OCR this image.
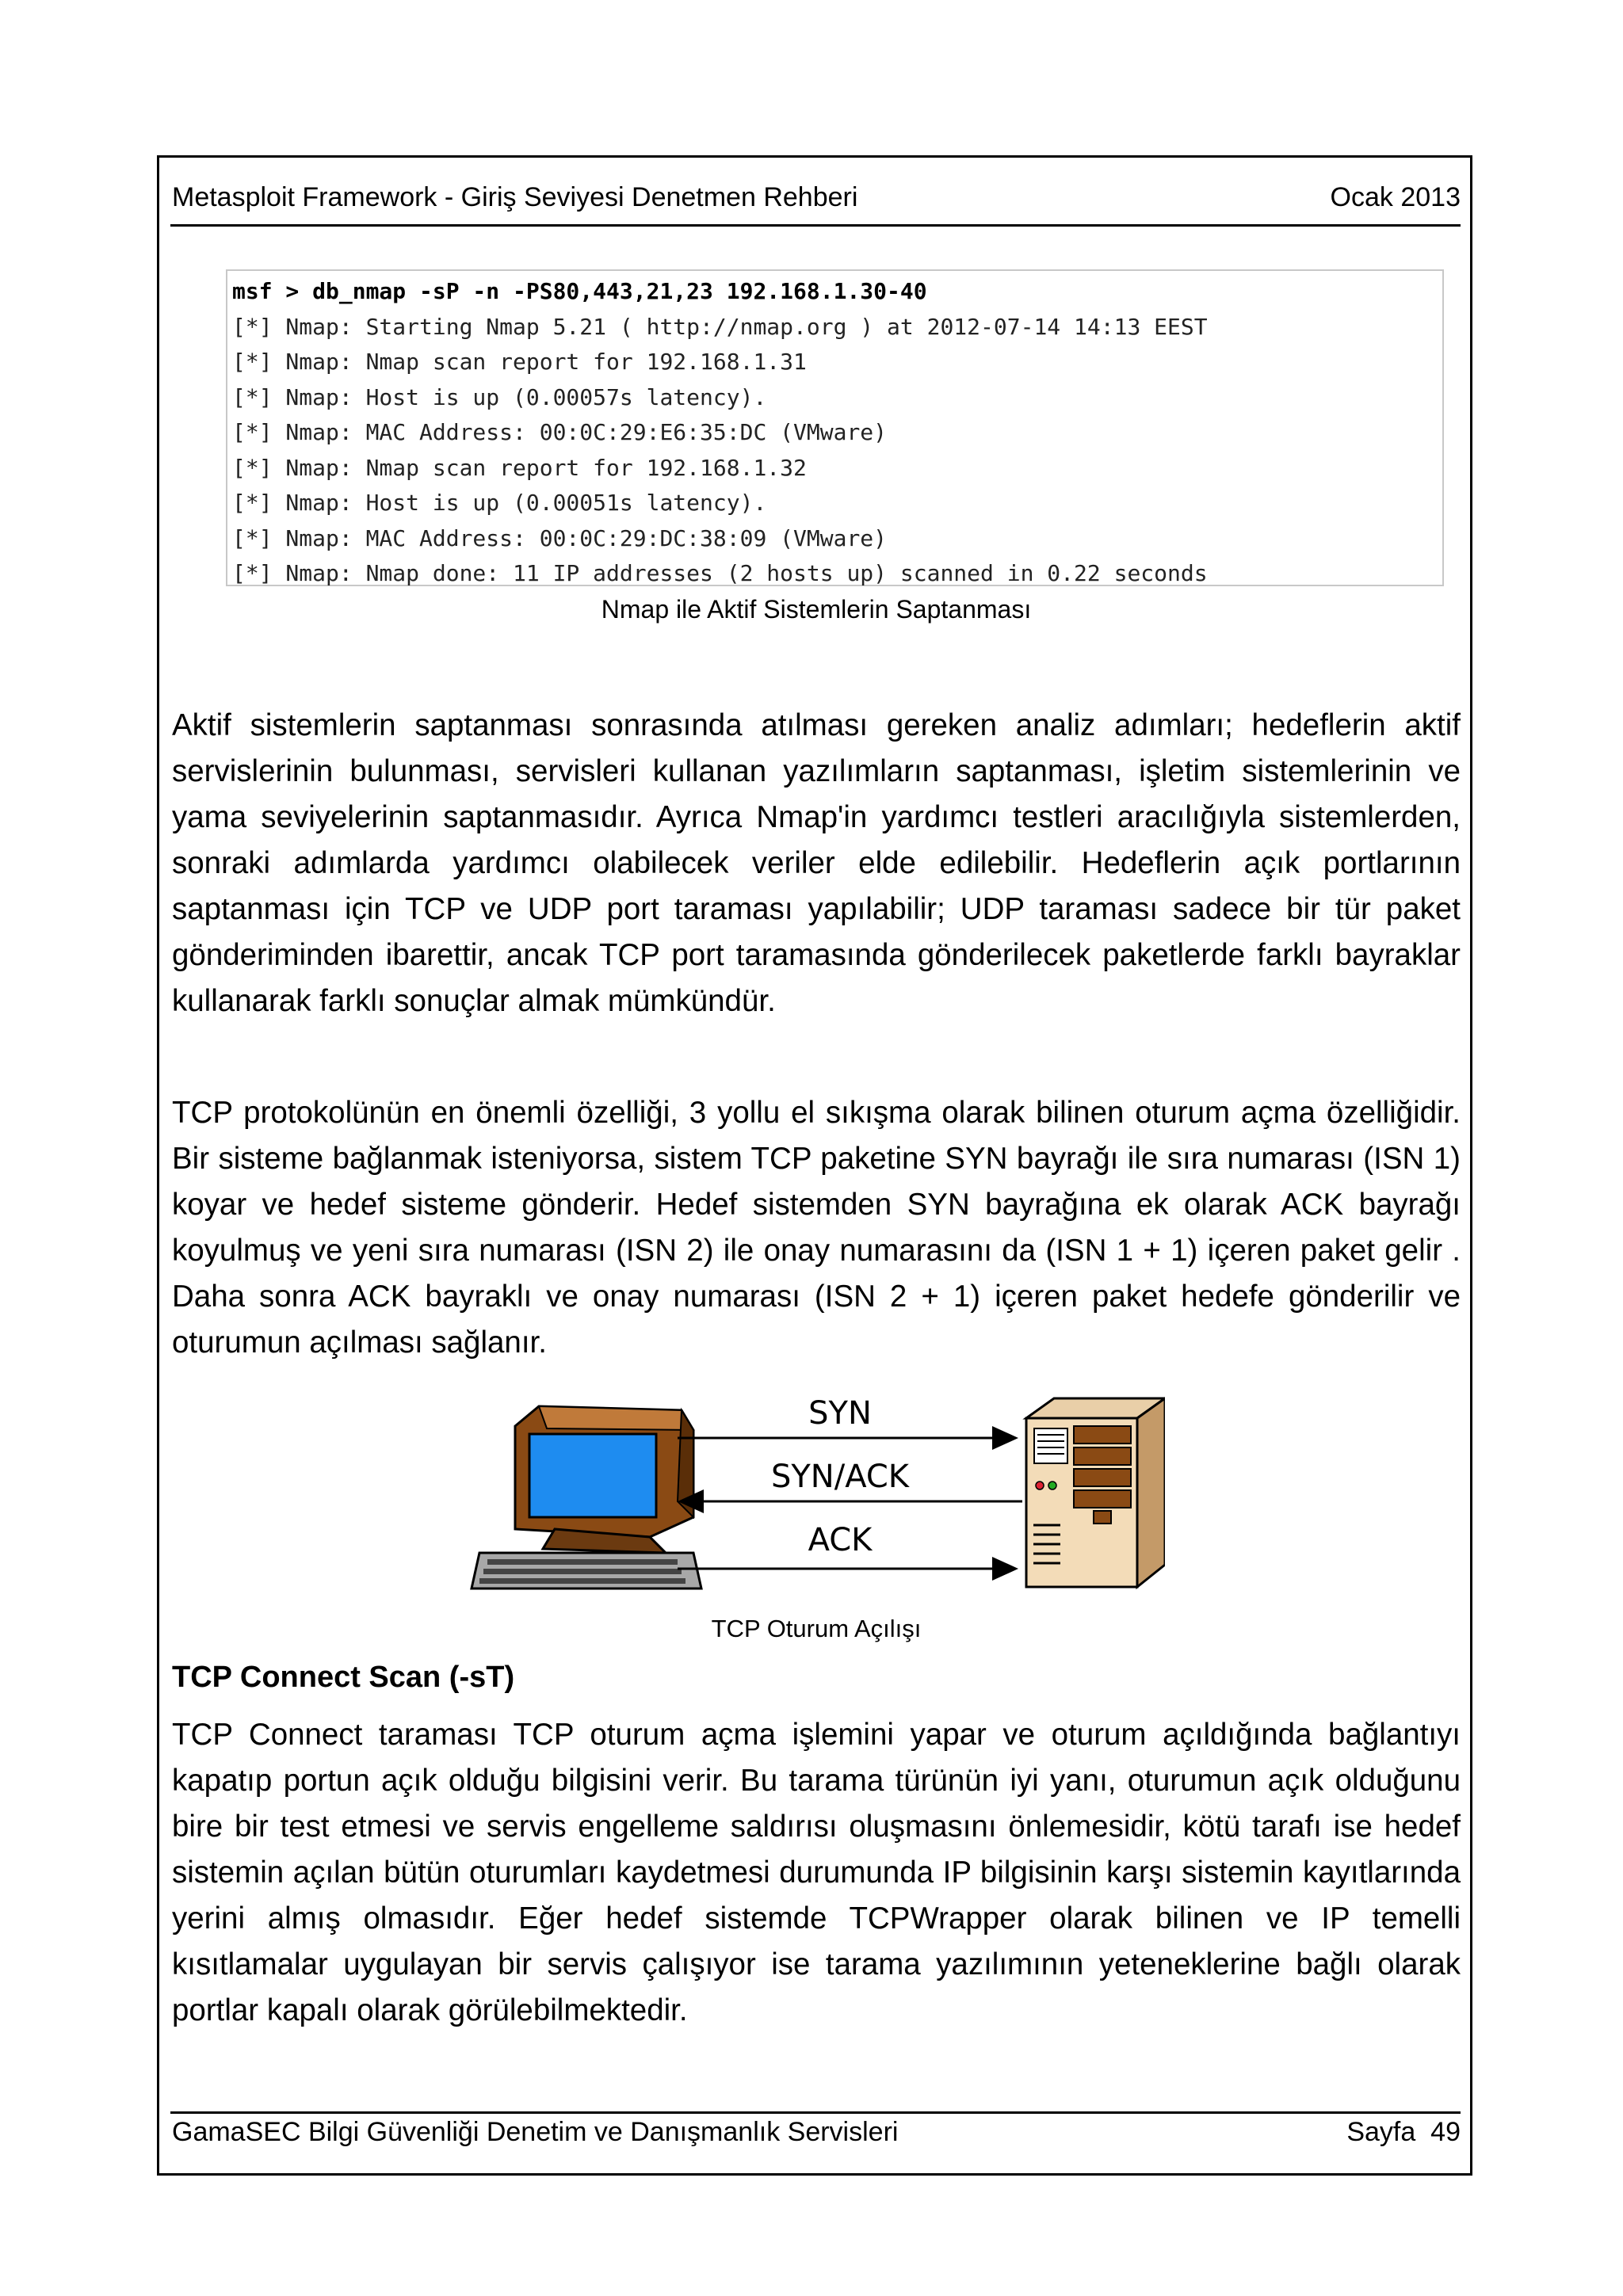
Metasploit Framework - Giriş Seviyesi Denetmen Rehberi	Ocak 2013
msf > db_nmap -sP -n -PS80,443,21,23 192.168.1.30-40
[*] Nmap: Starting Nmap 5.21 ( http://nmap.org ) at 2012-07-14 14:13 EEST
[*] Nmap: Nmap scan report for 192.168.1.31
[*] Nmap: Host is up (0.00057s latency).
[*] Nmap: MAC Address: 00:0C:29:E6:35:DC (VMware)
[*] Nmap: Nmap scan report for 192.168.1.32
[*] Nmap: Host is up (0.00051s latency).
[*] Nmap: MAC Address: 00:0C:29:DC:38:09 (VMware)
[*] Nmap: Nmap done: 11 IP addresses (2 hosts up) scanned in 0.22 seconds
Nmap ile Aktif Sistemlerin Saptanması

Aktif sistemlerin saptanması sonrasında atılması gereken analiz adımları; hedeflerin aktif servislerinin bulunması, servisleri kullanan yazılımların saptanması, işletim sistemlerinin ve yama seviyelerinin saptanmasıdır. Ayrıca Nmap'in yardımcı testleri aracılığıyla sistemlerden, sonraki adımlarda yardımcı olabilecek veriler elde edilebilir. Hedeflerin açık portlarının saptanması için TCP ve UDP port taraması yapılabilir; UDP taraması sadece bir tür paket gönderiminden ibarettir, ancak TCP port taramasında gönderilecek paketlerde farklı bayraklar kullanarak farklı sonuçlar almak mümkündür.

TCP protokolünün en önemli özelliği, 3 yollu el sıkışma olarak bilinen oturum açma özelliğidir. Bir sisteme bağlanmak isteniyorsa, sistem TCP paketine SYN bayrağı ile sıra numarası (ISN 1) koyar ve hedef sisteme gönderir. Hedef sistemden SYN bayrağına ek olarak ACK bayrağı koyulmuş ve yeni sıra numarası (ISN 2) ile onay numarasını da (ISN 1 + 1) içeren paket gelir . Daha sonra ACK bayraklı ve onay numarası (ISN 2 + 1) içeren paket hedefe gönderilir ve oturumun açılması sağlanır.

SYN
SYN/ACK
ACK
TCP Oturum Açılışı
TCP Connect Scan (-sT)

TCP Connect taraması TCP oturum açma işlemini yapar ve oturum açıldığında bağlantıyı kapatıp portun açık olduğu bilgisini verir. Bu tarama türünün iyi yanı, oturumun açık olduğunu bire bir test etmesi ve servis engelleme saldırısı oluşmasını önlemesidir, kötü tarafı ise hedef sistemin açılan bütün oturumları kaydetmesi durumunda IP bilgisinin karşı sistemin kayıtlarında yerini almış olmasıdır. Eğer hedef sistemde TCPWrapper olarak bilinen ve IP temelli kısıtlamalar uygulayan bir servis çalışıyor ise tarama yazılımının yeteneklerine bağlı olarak portlar kapalı olarak görülebilmektedir.

GamaSEC Bilgi Güvenliği Denetim ve Danışmanlık Servisleri	Sayfa  49
